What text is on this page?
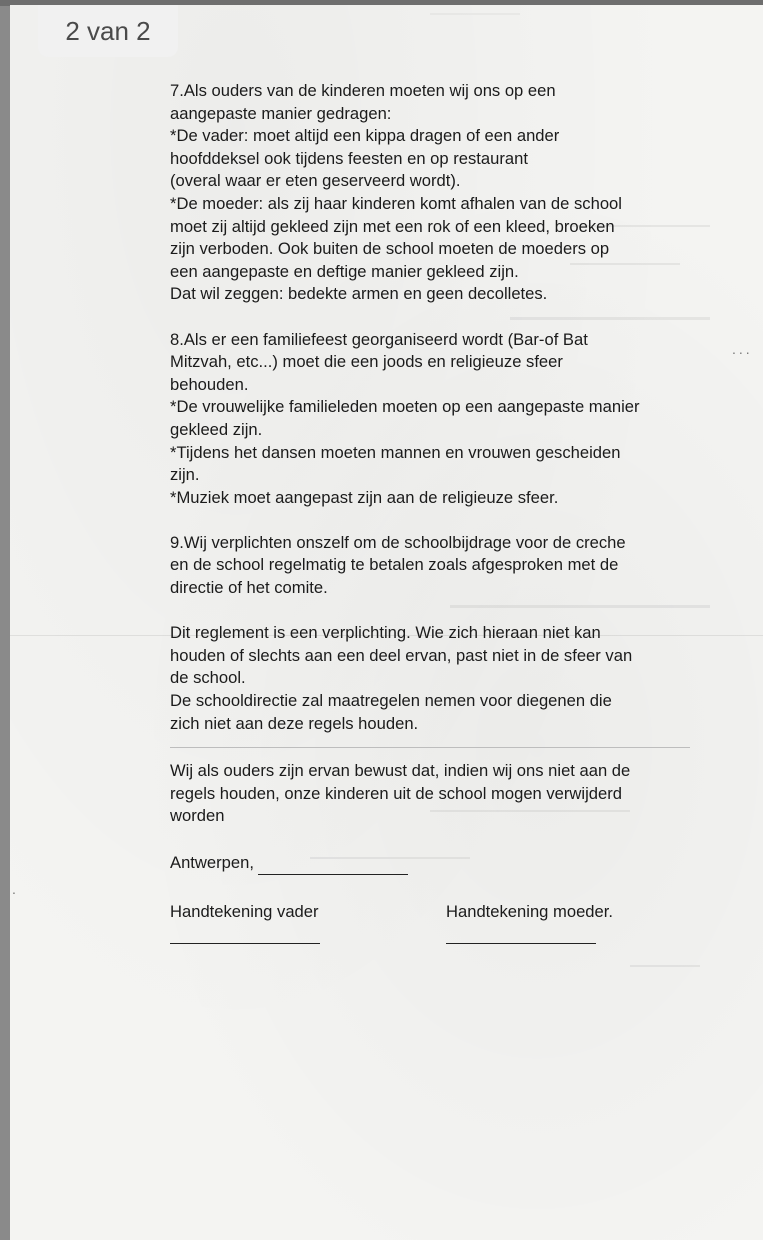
...
.
2 van 2

7.Als ouders van de kinderen moeten wij ons op een

aangepaste manier gedragen:

*De vader: moet altijd een kippa dragen of een ander

hoofddeksel ook tijdens feesten en op restaurant

(overal waar er eten geserveerd wordt).

*De moeder: als zij haar kinderen komt afhalen van de school

moet zij altijd gekleed zijn met een rok of een kleed, broeken

zijn verboden. Ook buiten de school moeten de moeders op

een aangepaste en deftige manier gekleed zijn.

Dat wil zeggen: bedekte armen en geen decolletes.

8.Als er een familiefeest georganiseerd wordt (Bar-of Bat

Mitzvah, etc...) moet die een joods en religieuze sfeer

behouden.

*De vrouwelijke familieleden moeten op een aangepaste manier

gekleed zijn.

*Tijdens het dansen moeten mannen en vrouwen gescheiden

zijn.

*Muziek moet aangepast zijn aan de religieuze sfeer.

9.Wij verplichten onszelf om de schoolbijdrage voor de creche

en de school regelmatig te betalen zoals afgesproken met de

directie of het comite.

Dit reglement is een verplichting. Wie zich hieraan niet kan

houden of slechts aan een deel ervan, past niet in de sfeer van

de school.

De schooldirectie zal maatregelen nemen voor diegenen die

zich niet aan deze regels houden.

Wij als ouders zijn ervan bewust dat, indien wij ons niet aan de

regels houden, onze kinderen uit de school mogen verwijderd

worden

Antwerpen,
Handtekening vader	Handtekening moeder.
